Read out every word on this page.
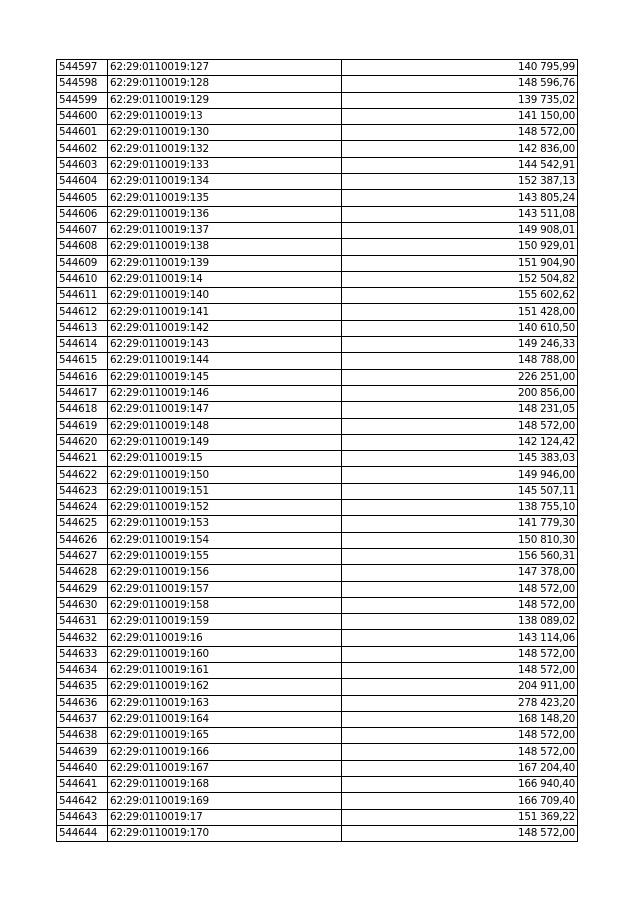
544597	62:29:0110019:127	140 795,99
544598	62:29:0110019:128	148 596,76
544599	62:29:0110019:129	139 735,02
544600	62:29:0110019:13	141 150,00
544601	62:29:0110019:130	148 572,00
544602	62:29:0110019:132	142 836,00
544603	62:29:0110019:133	144 542,91
544604	62:29:0110019:134	152 387,13
544605	62:29:0110019:135	143 805,24
544606	62:29:0110019:136	143 511,08
544607	62:29:0110019:137	149 908,01
544608	62:29:0110019:138	150 929,01
544609	62:29:0110019:139	151 904,90
544610	62:29:0110019:14	152 504,82
544611	62:29:0110019:140	155 602,62
544612	62:29:0110019:141	151 428,00
544613	62:29:0110019:142	140 610,50
544614	62:29:0110019:143	149 246,33
544615	62:29:0110019:144	148 788,00
544616	62:29:0110019:145	226 251,00
544617	62:29:0110019:146	200 856,00
544618	62:29:0110019:147	148 231,05
544619	62:29:0110019:148	148 572,00
544620	62:29:0110019:149	142 124,42
544621	62:29:0110019:15	145 383,03
544622	62:29:0110019:150	149 946,00
544623	62:29:0110019:151	145 507,11
544624	62:29:0110019:152	138 755,10
544625	62:29:0110019:153	141 779,30
544626	62:29:0110019:154	150 810,30
544627	62:29:0110019:155	156 560,31
544628	62:29:0110019:156	147 378,00
544629	62:29:0110019:157	148 572,00
544630	62:29:0110019:158	148 572,00
544631	62:29:0110019:159	138 089,02
544632	62:29:0110019:16	143 114,06
544633	62:29:0110019:160	148 572,00
544634	62:29:0110019:161	148 572,00
544635	62:29:0110019:162	204 911,00
544636	62:29:0110019:163	278 423,20
544637	62:29:0110019:164	168 148,20
544638	62:29:0110019:165	148 572,00
544639	62:29:0110019:166	148 572,00
544640	62:29:0110019:167	167 204,40
544641	62:29:0110019:168	166 940,40
544642	62:29:0110019:169	166 709,40
544643	62:29:0110019:17	151 369,22
544644	62:29:0110019:170	148 572,00
